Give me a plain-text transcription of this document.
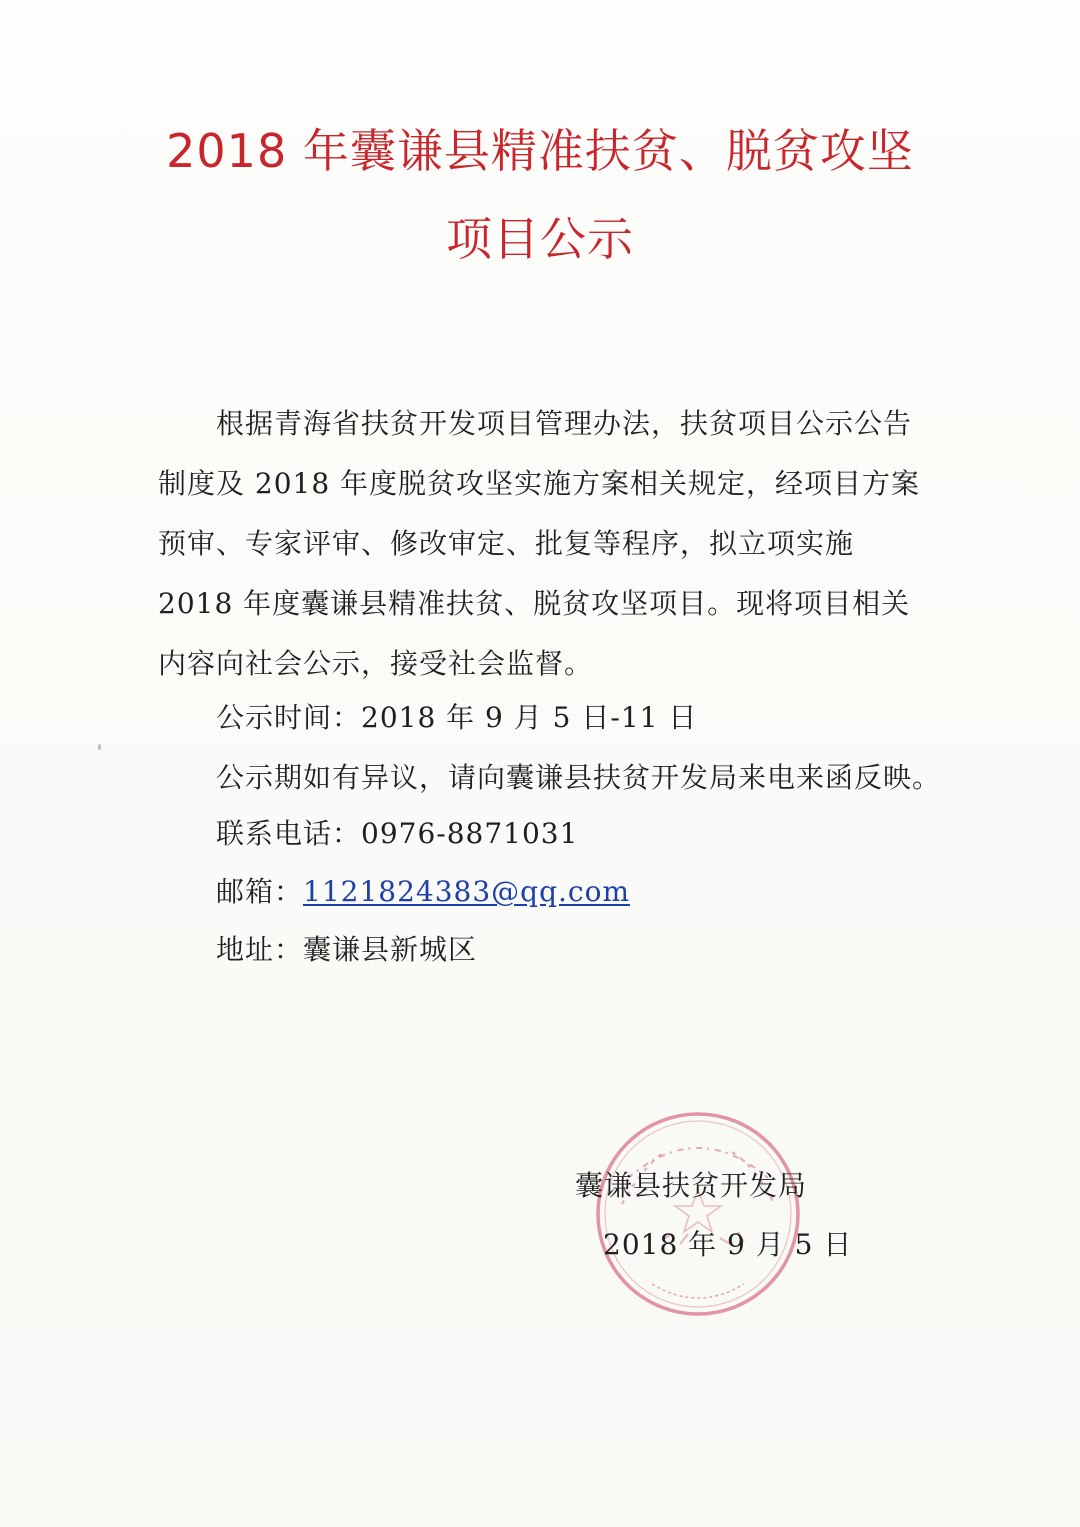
2018 年囊谦县精准扶贫、脱贫攻坚
项目公示

根据青海省扶贫开发项目管理办法，扶贫项目公示公告制度及 2018 年度脱贫攻坚实施方案相关规定，经项目方案预审、专家评审、修改审定、批复等程序，拟立项实施 2018 年度囊谦县精准扶贫、脱贫攻坚项目。现将项目相关内容向社会公示，接受社会监督。

公示时间：2018 年 9 月 5 日-11 日
公示期如有异议，请向囊谦县扶贫开发局来电来函反映。
联系电话：0976-8871031
邮箱：1121824383@qq.com
地址：囊谦县新城区
囊谦县扶贫开发局
2018 年 9 月 5 日
